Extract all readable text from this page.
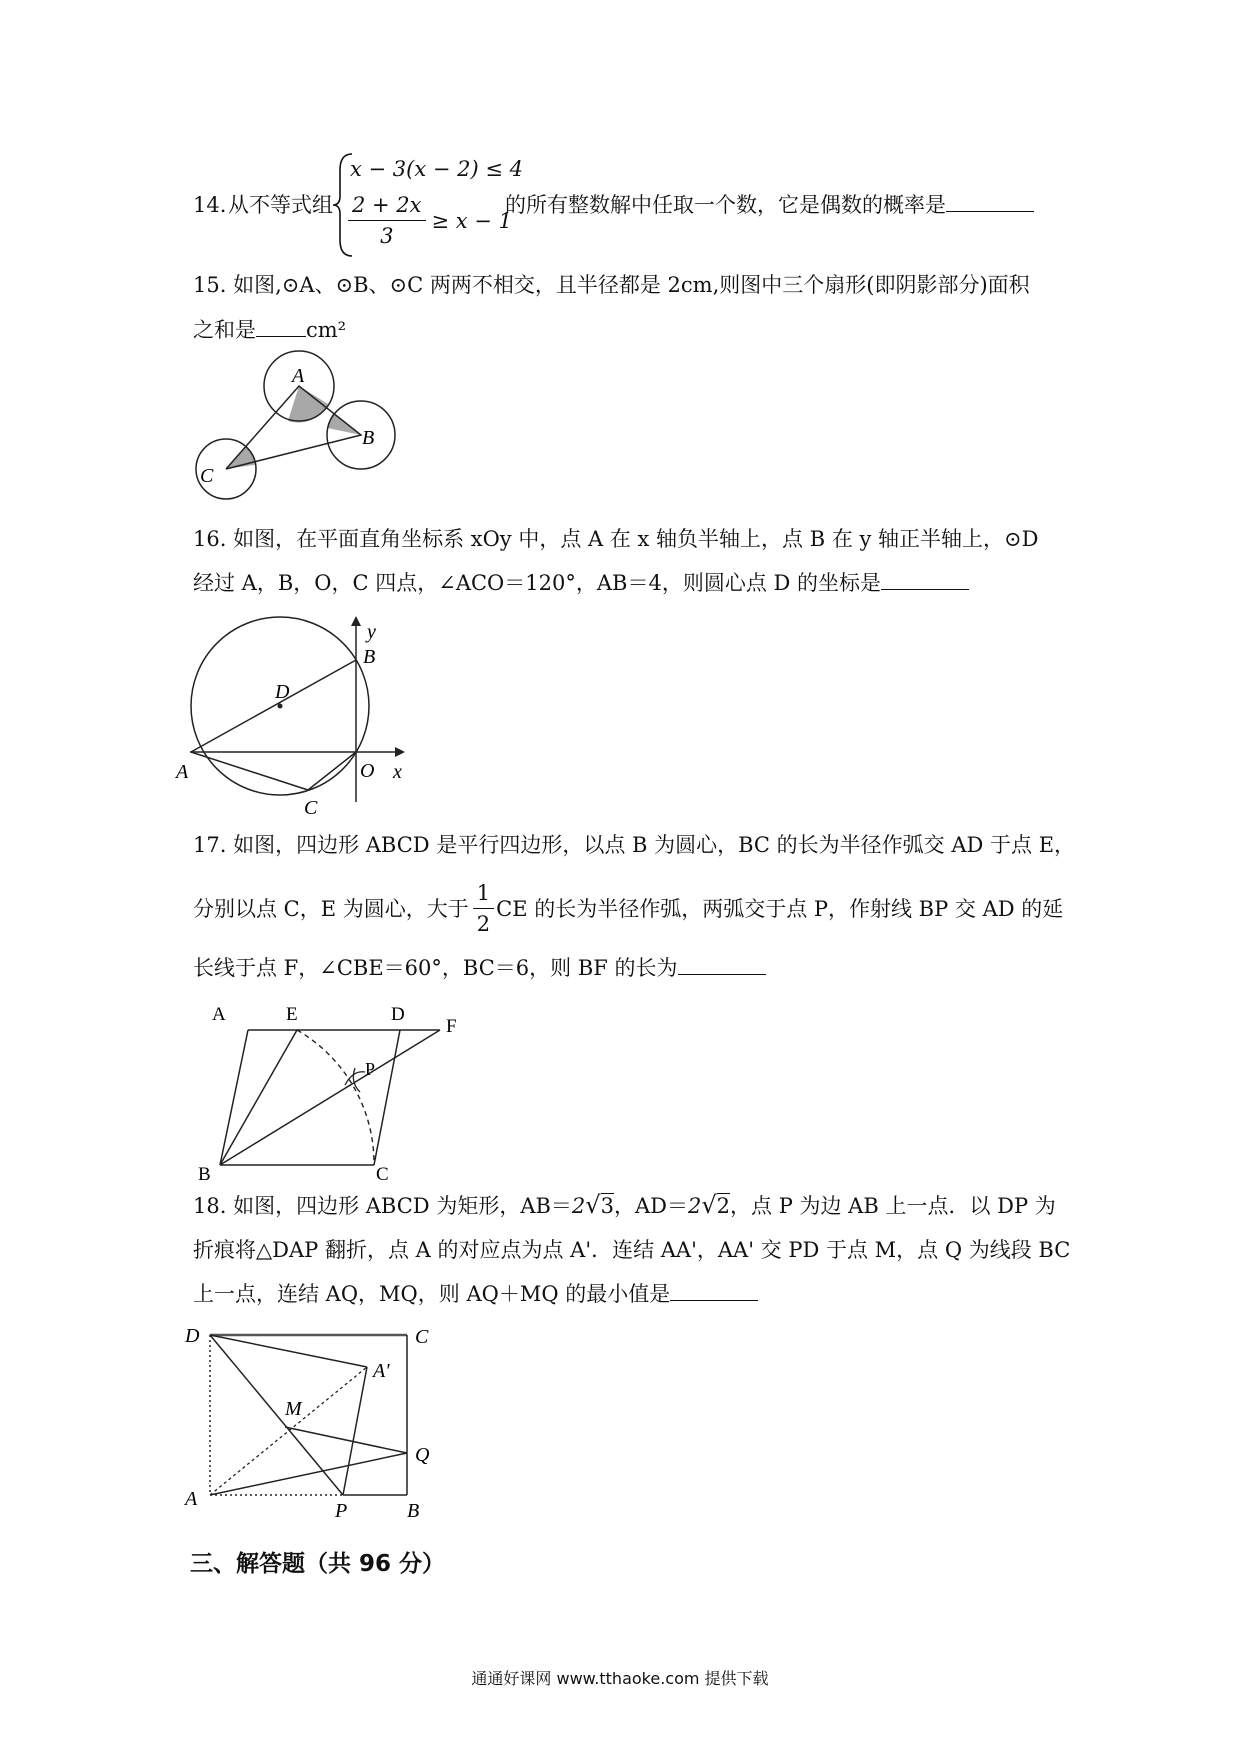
14. 从不等式组
x − 3(x − 2) ≤ 4
$\frac{2 + 2x}{3} \ge x - 1$
的所有整数解中任取一个数，它是偶数的概率是
15. 如图,⊙A、⊙B、⊙C 两两不相交，且半径都是 2cm,则图中三个扇形(即阴影部分)面积
之和是 cm²
A
B
C
16. 如图，在平面直角坐标系 xOy 中，点 A 在 x 轴负半轴上，点 B 在 y 轴正半轴上，⊙D
经过 A，B，O，C 四点，∠ACO＝120°，AB＝4，则圆心点 D 的坐标是
y
B
D
A	O x
C
17. 如图，四边形 ABCD 是平行四边形，以点 B 为圆心，BC 的长为半径作弧交 AD 于点 E，
分别以点 C，E 为圆心，大于 $\frac{1}{2}$ CE 的长为半径作弧，两弧交于点 P，作射线 BP 交 AD 的延
长线于点 F，∠CBE＝60°，BC＝6，则 BF 的长为
A	E	D
F
P
B	C
18. 如图，四边形 ABCD 为矩形，AB＝2√3，AD＝2√2，点 P 为边 AB 上一点．以 DP 为
折痕将△DAP 翻折，点 A 的对应点为点 A'．连结 AA'，AA' 交 PD 于点 M，点 Q 为线段 BC
上一点，连结 AQ，MQ，则 AQ＋MQ 的最小值是
D	C
A′
M
Q
A
P	B
三、解答题（共 96 分）
通通好课网 www.tthaoke.com 提供下载
